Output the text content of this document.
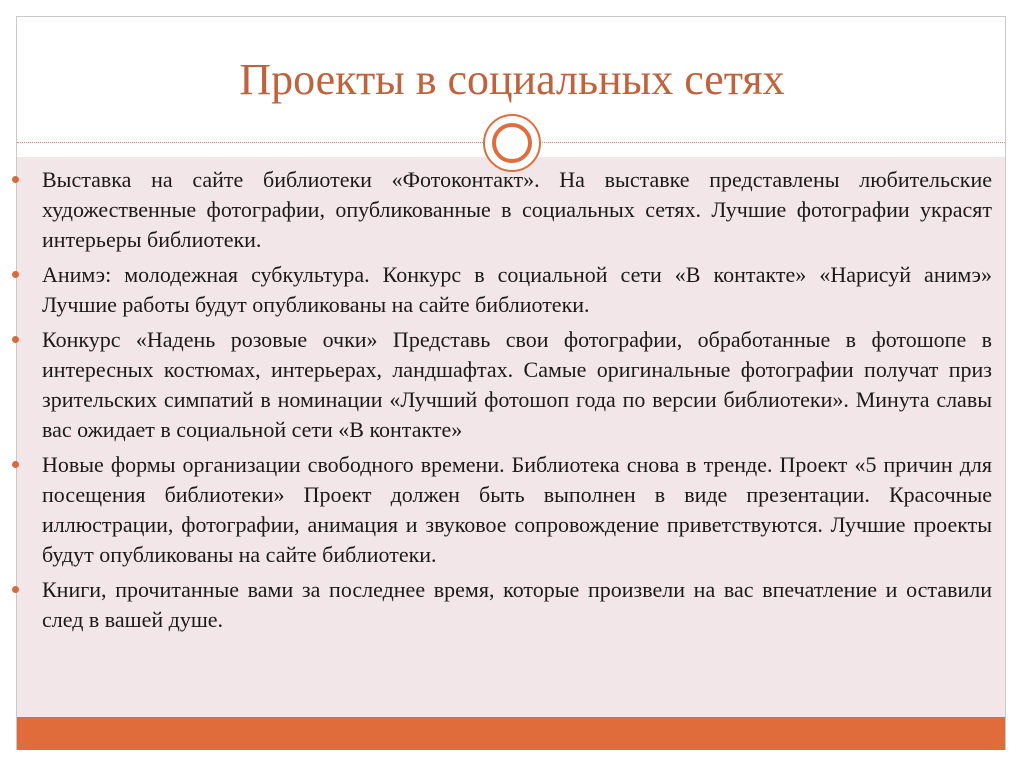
Проекты в социальных сетях
Выставка на сайте библиотеки «Фотоконтакт». На выставке представлены любительские художественные фотографии, опубликованные в социальных сетях. Лучшие фотографии украсят интерьеры библиотеки.
Анимэ: молодежная субкультура. Конкурс в социальной сети «В контакте» «Нарисуй анимэ» Лучшие работы будут опубликованы на сайте библиотеки.
Конкурс «Надень розовые очки» Представь свои фотографии, обработанные в фотошопе в интересных костюмах, интерьерах, ландшафтах. Самые оригинальные фотографии получат приз зрительских симпатий в номинации «Лучший фотошоп года по версии библиотеки». Минута славы вас ожидает в социальной сети «В контакте»
Новые формы организации свободного времени. Библиотека снова в тренде. Проект «5 причин для посещения библиотеки» Проект должен быть выполнен в виде презентации. Красочные иллюстрации, фотографии, анимация и звуковое сопровождение приветствуются. Лучшие проекты будут опубликованы на сайте библиотеки.
Книги, прочитанные вами за последнее время, которые произвели на вас впечатление и оставили след в вашей душе.
